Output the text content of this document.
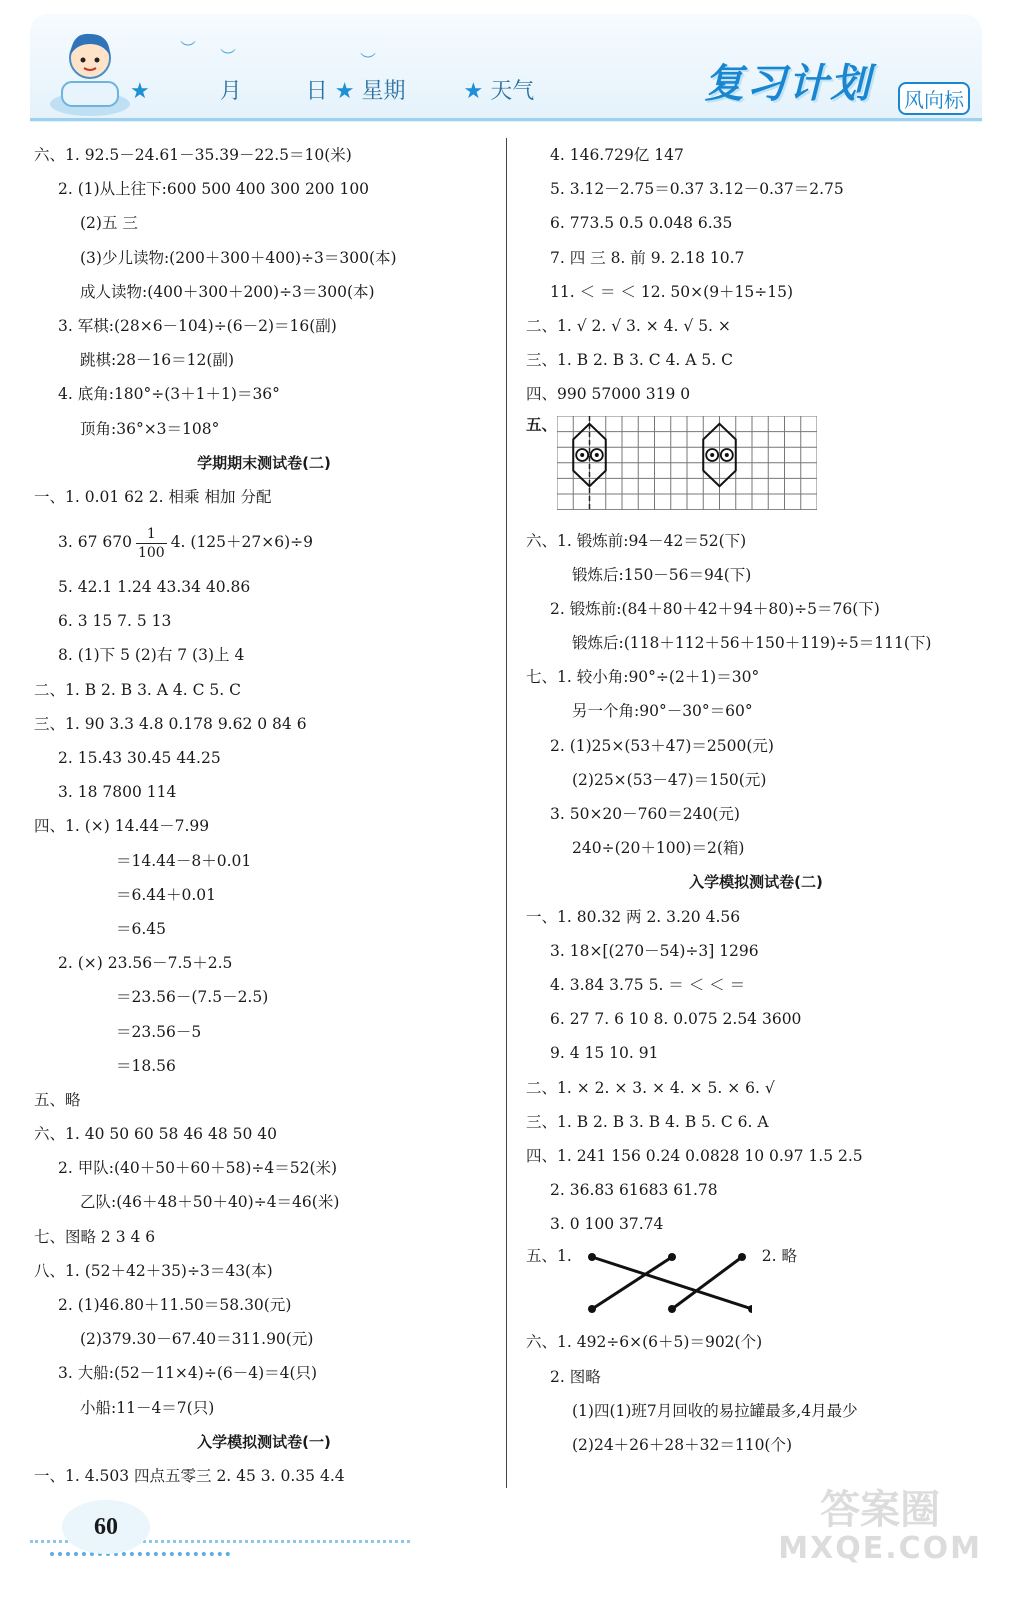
︶ ︶	︶
★	月	日 ★ 星期	★ 天气	复习计划	风向标
六、1. 92.5－24.61－35.39－22.5＝10(米)
2. (1)从上往下:600 500 400 300 200 100
(2)五 三
(3)少儿读物:(200＋300＋400)÷3＝300(本)
成人读物:(400＋300＋200)÷3＝300(本)
3. 军棋:(28×6－104)÷(6－2)＝16(副)
跳棋:28－16＝12(副)
4. 底角:180°÷(3＋1＋1)＝36°
顶角:36°×3＝108°
学期期末测试卷(二)
一、1. 0.01 62 2. 相乘 相加 分配
3. 67 $670 \frac{1}{100} 4$. (125＋27×6)÷9
5. 42.1 1.24 43.34 40.86
6. 3 15 7. 5 13
8. (1)下 5 (2)右 7 (3)上 4
二、1. B 2. B 3. A 4. C 5. C
三、1. 90 3.3 4.8 0.178 9.62 0 84 6
2. 15.43 30.45 44.25
3. 18 7800 114
四、1. (×) 14.44－7.99
＝14.44－8＋0.01
＝6.44＋0.01
＝6.45
2. (×) 23.56－7.5＋2.5
＝23.56－(7.5－2.5)
＝23.56－5
＝18.56
五、略
六、1. 40 50 60 58 46 48 50 40
2. 甲队:(40＋50＋60＋58)÷4＝52(米)
乙队:(46＋48＋50＋40)÷4＝46(米)
七、图略 2 3 4 6
八、1. (52＋42＋35)÷3＝43(本)
2. (1)46.80＋11.50＝58.30(元)
(2)379.30－67.40＝311.90(元)
3. 大船:(52－11×4)÷(6－4)＝4(只)
小船:11－4＝7(只)
入学模拟测试卷(一)
一、1. 4.503 四点五零三 2. 45 3. 0.35 4.4
4. 146.729亿 147
5. 3.12－2.75＝0.37 3.12－0.37＝2.75
6. 773.5 0.5 0.048 6.35
7. 四 三 8. 前 9. 2.18 10.7
11. ＜ ＝ ＜ 12. 50×(9＋15÷15)
二、1. √ 2. √ 3. × 4. √ 5. ×
三、1. B 2. B 3. C 4. A 5. C
四、990 57000 319 0
五、
六、1. 锻炼前:94－42＝52(下)
锻炼后:150－56＝94(下)
2. 锻炼前:(84＋80＋42＋94＋80)÷5＝76(下)
锻炼后:(118＋112＋56＋150＋119)÷5＝111(下)
七、1. 较小角:90°÷(2＋1)＝30°
另一个角:90°－30°＝60°
2. (1)25×(53＋47)＝2500(元)
(2)25×(53－47)＝150(元)
3. 50×20－760＝240(元)
240÷(20＋100)＝2(箱)
入学模拟测试卷(二)
一、1. 80.32 两 2. 3.20 4.56
3. 18×[(270－54)÷3] 1296
4. 3.84 3.75 5. ＝ ＜ ＜ ＝
6. 27 7. 6 10 8. 0.075 2.54 3600
9. 4 15 10. 91
二、1. × 2. × 3. × 4. × 5. × 6. √
三、1. B 2. B 3. B 4. B 5. C 6. A
四、1. 241 156 0.24 0.0828 10 0.97 1.5 2.5
2. 36.83 61683 61.78
3. 0 100 37.74
五、1.	2. 略
六、1. 492÷6×(6＋5)＝902(个)
2. 图略
(1)四(1)班7月回收的易拉罐最多,4月最少
(2)24＋26＋28＋32＝110(个)
60	答案圈
MXQE.COM
